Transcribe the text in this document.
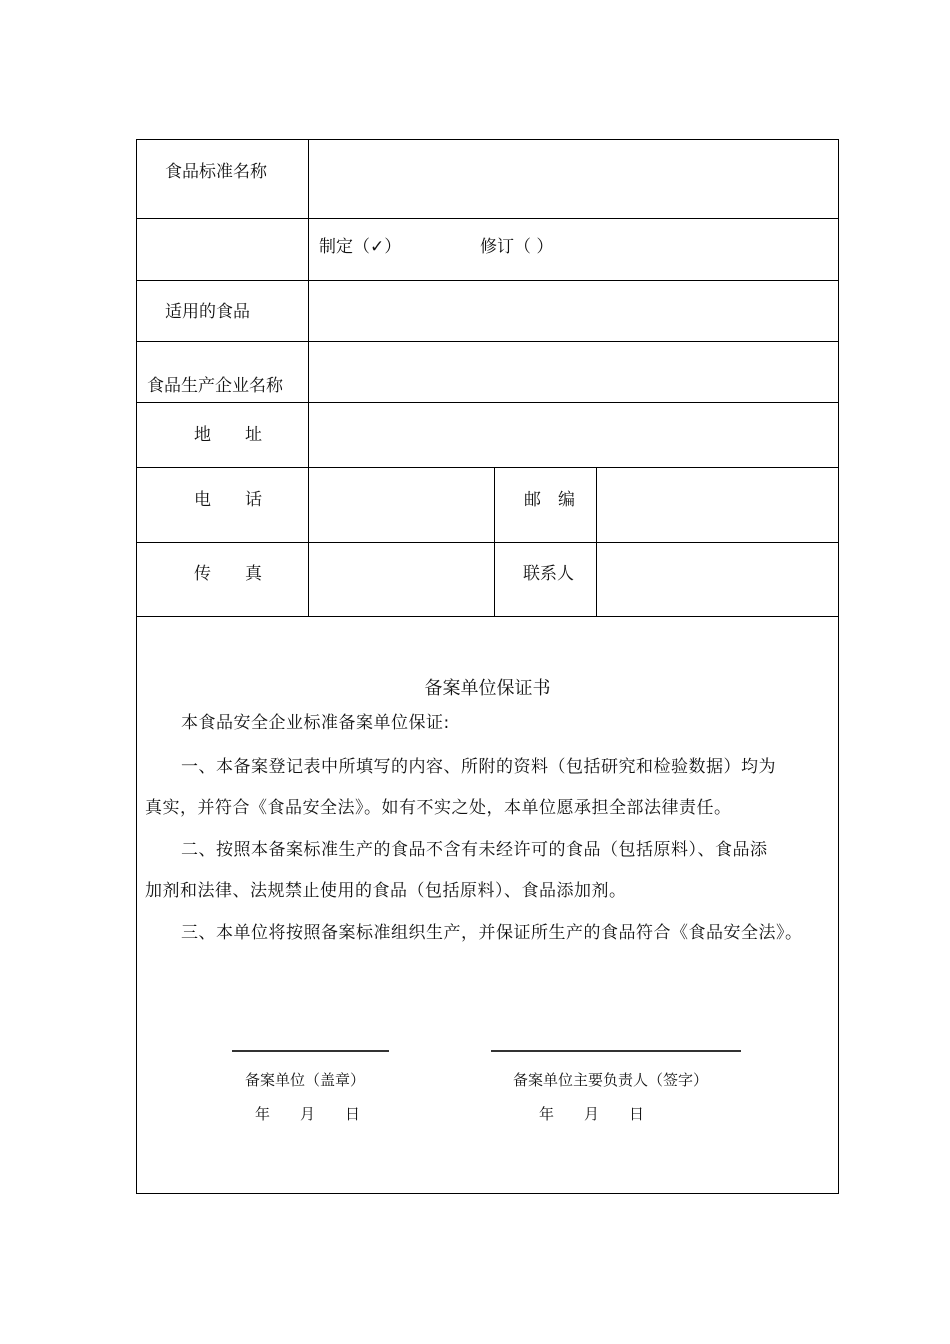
食品标准名称
制定（✓）	修订（ ）
适用的食品
食品生产企业名称
地　　址
电　　话	邮　编
传　　真	联系人
备案单位保证书
本食品安全企业标准备案单位保证:
一、本备案登记表中所填写的内容、所附的资料（包括研究和检验数据）均为
真实，并符合《食品安全法》。如有不实之处，本单位愿承担全部法律责任。
二、按照本备案标准生产的食品不含有未经许可的食品（包括原料）、食品添
加剂和法律、法规禁止使用的食品（包括原料）、食品添加剂。
三、本单位将按照备案标准组织生产，并保证所生产的食品符合《食品安全法》。
备案单位（盖章）
年　　月　　日
备案单位主要负责人（签字）
年　　月　　日
